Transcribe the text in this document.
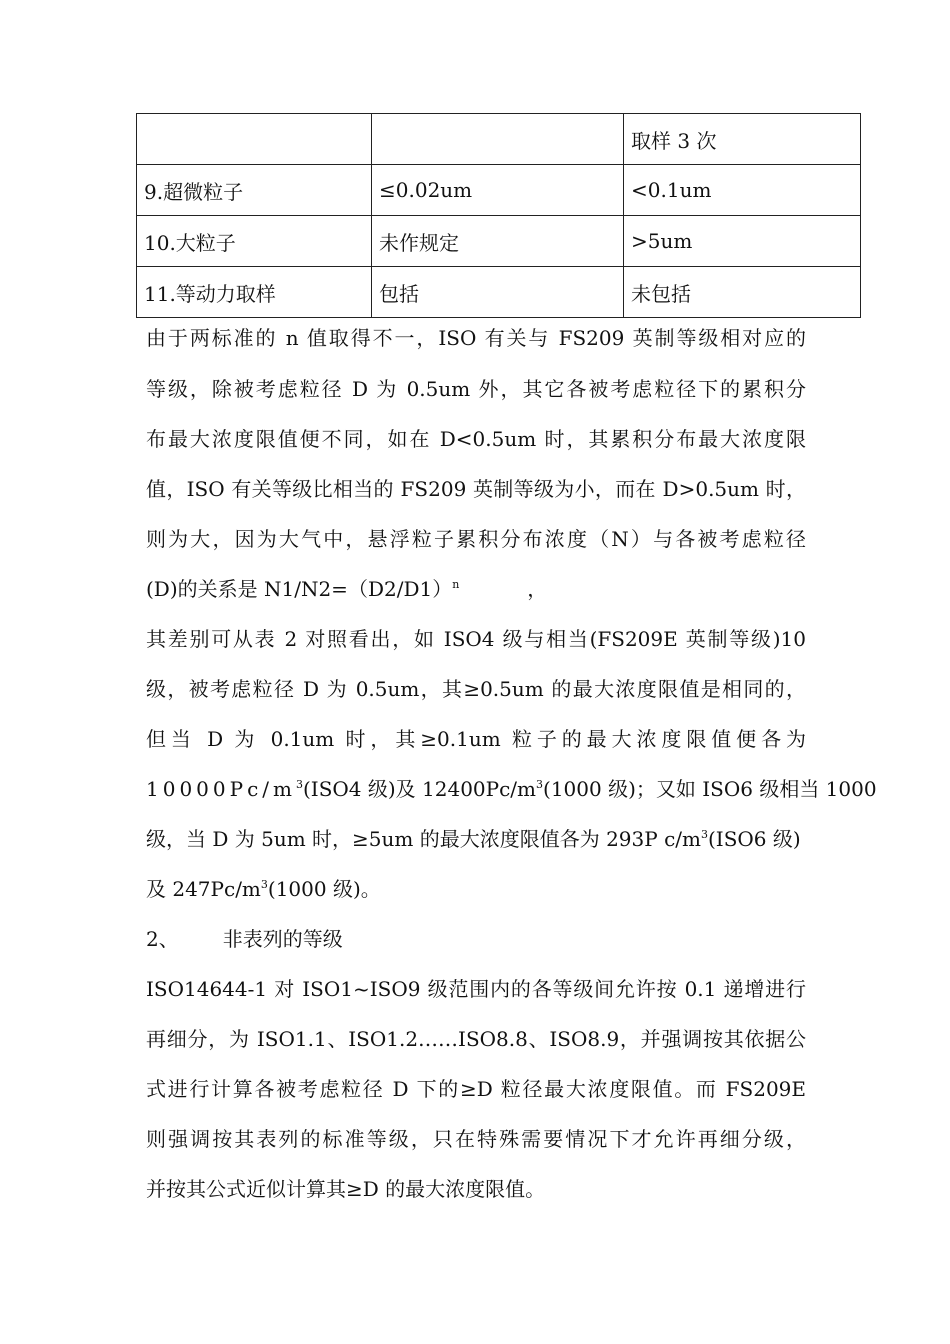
		取样 3 次
9.超微粒子	≤0.02um	<0.1um
10.大粒子	未作规定	>5um
11.等动力取样	包括	未包括
由于两标准的 n 值取得不一，ISO 有关与 FS209 英制等级相对应的
等级，除被考虑粒径 D 为 0.5um 外，其它各被考虑粒径下的累积分
布最大浓度限值便不同，如在 D<0.5um 时，其累积分布最大浓度限
值，ISO 有关等级比相当的 FS209 英制等级为小，而在 D>0.5um 时，
则为大，因为大气中，悬浮粒子累积分布浓度（N）与各被考虑粒径
(D)的关系是 $N1/N2=(D2/D1)^n$	，
其差别可从表 2 对照看出，如 ISO4 级与相当(FS209E 英制等级)10
级，被考虑粒径 D 为 0.5um，其≥0.5um 的最大浓度限值是相同的，
但当 D 为 0.1um 时，其≥0.1um 粒子的最大浓度限值便各为
$10000Pc/m^3(ISO4$ 级)及 $12400Pc/m^3(1000$ 级)；又如 ISO6 级相当 1000
级，当 D 为 5um 时，≥5um 的最大浓度限值各为 293P $c/m^3(ISO6$ 级)
及 $247Pc/m^3(1000$ 级)。
2、 非表列的等级
ISO14644-1 对 ISO1~ISO9 级范围内的各等级间允许按 0.1 递增进行
再细分，为 ISO1.1、ISO1.2……ISO8.8、ISO8.9，并强调按其依据公
式进行计算各被考虑粒径 D 下的≥D 粒径最大浓度限值。而 FS209E
则强调按其表列的标准等级，只在特殊需要情况下才允许再细分级，
并按其公式近似计算其≥D 的最大浓度限值。
